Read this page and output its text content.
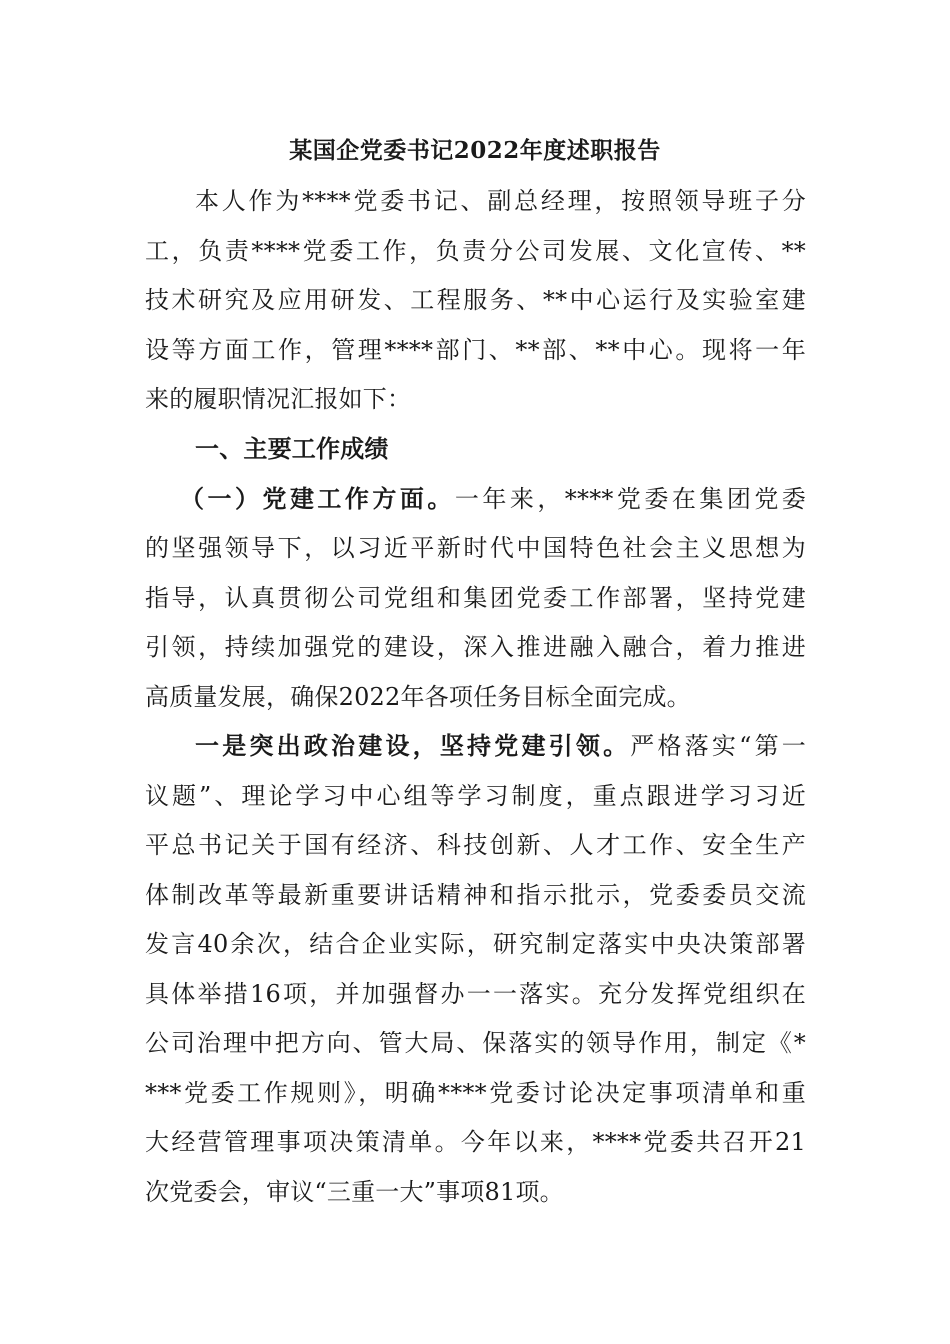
某国企党委书记2022年度述职报告
本人作为****党委书记、副总经理，按照领导班子分
工，负责****党委工作，负责分公司发展、文化宣传、**
技术研究及应用研发、工程服务、**中心运行及实验室建
设等方面工作，管理****部门、**部、**中心。现将一年
来的履职情况汇报如下：
一、主要工作成绩
（一）党建工作方面。一年来，****党委在集团党委
的坚强领导下，以习近平新时代中国特色社会主义思想为
指导，认真贯彻公司党组和集团党委工作部署，坚持党建
引领，持续加强党的建设，深入推进融入融合，着力推进
高质量发展，确保2022年各项任务目标全面完成。
一是突出政治建设，坚持党建引领。严格落实“第一
议题”、理论学习中心组等学习制度，重点跟进学习习近
平总书记关于国有经济、科技创新、人才工作、安全生产
体制改革等最新重要讲话精神和指示批示，党委委员交流
发言40余次，结合企业实际，研究制定落实中央决策部署
具体举措16项，并加强督办一一落实。充分发挥党组织在
公司治理中把方向、管大局、保落实的领导作用，制定《*
***党委工作规则》，明确****党委讨论决定事项清单和重
大经营管理事项决策清单。今年以来，****党委共召开21
次党委会，审议“三重一大”事项81项。
